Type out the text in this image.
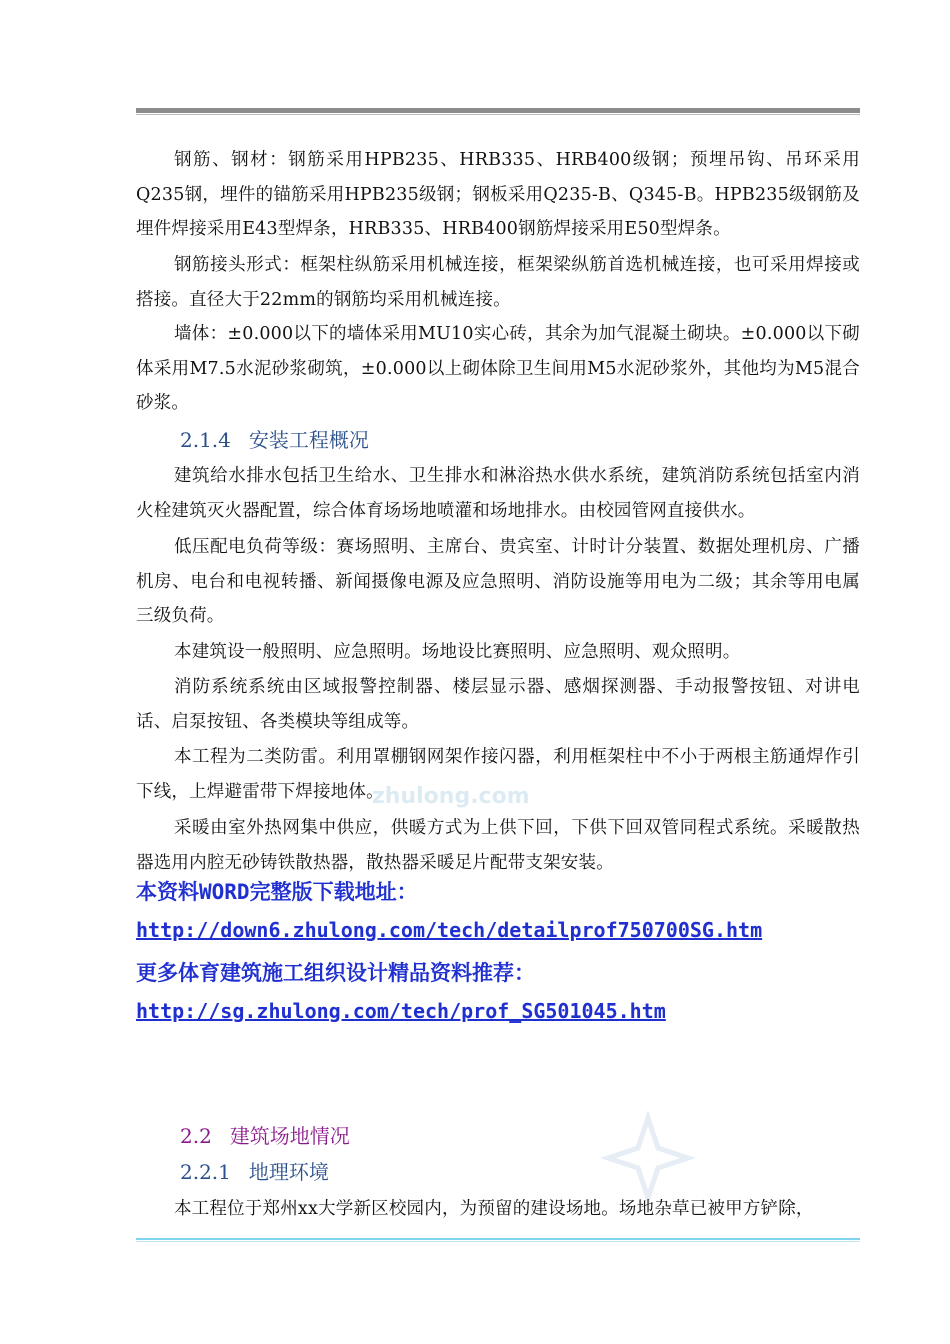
钢筋、钢材：钢筋采用HPB235、HRB335、HRB400级钢；预埋吊钩、吊环采用Q235钢，埋件的锚筋采用HPB235级钢；钢板采用Q235-B、Q345-B。HPB235级钢筋及埋件焊接采用E43型焊条，HRB335、HRB400钢筋焊接采用E50型焊条。
钢筋接头形式：框架柱纵筋采用机械连接，框架梁纵筋首选机械连接，也可采用焊接或搭接。直径大于22mm的钢筋均采用机械连接。
墙体：±0.000以下的墙体采用MU10实心砖，其余为加气混凝土砌块。±0.000以下砌体采用M7.5水泥砂浆砌筑，±0.000以上砌体除卫生间用M5水泥砂浆外，其他均为M5混合砂浆。
2.1.4 安装工程概况
建筑给水排水包括卫生给水、卫生排水和淋浴热水供水系统，建筑消防系统包括室内消火栓建筑灭火器配置，综合体育场场地喷灌和场地排水。由校园管网直接供水。
低压配电负荷等级：赛场照明、主席台、贵宾室、计时计分装置、数据处理机房、广播机房、电台和电视转播、新闻摄像电源及应急照明、消防设施等用电为二级；其余等用电属三级负荷。
本建筑设一般照明、应急照明。场地设比赛照明、应急照明、观众照明。
消防系统系统由区域报警控制器、楼层显示器、感烟探测器、手动报警按钮、对讲电话、启泵按钮、各类模块等组成等。
本工程为二类防雷。利用罩棚钢网架作接闪器，利用框架柱中不小于两根主筋通焊作引下线，上焊避雷带下焊接地体。
采暖由室外热网集中供应，供暖方式为上供下回，下供下回双管同程式系统。采暖散热器选用内腔无砂铸铁散热器，散热器采暖足片配带支架安装。
zhulong.com
本资料WORD完整版下载地址：
http://down6.zhulong.com/tech/detailprof750700SG.htm
更多体育建筑施工组织设计精品资料推荐：
http://sg.zhulong.com/tech/prof_SG501045.htm
2.2 建筑场地情况
2.2.1 地理环境
本工程位于郑州xx大学新区校园内，为预留的建设场地。场地杂草已被甲方铲除，
